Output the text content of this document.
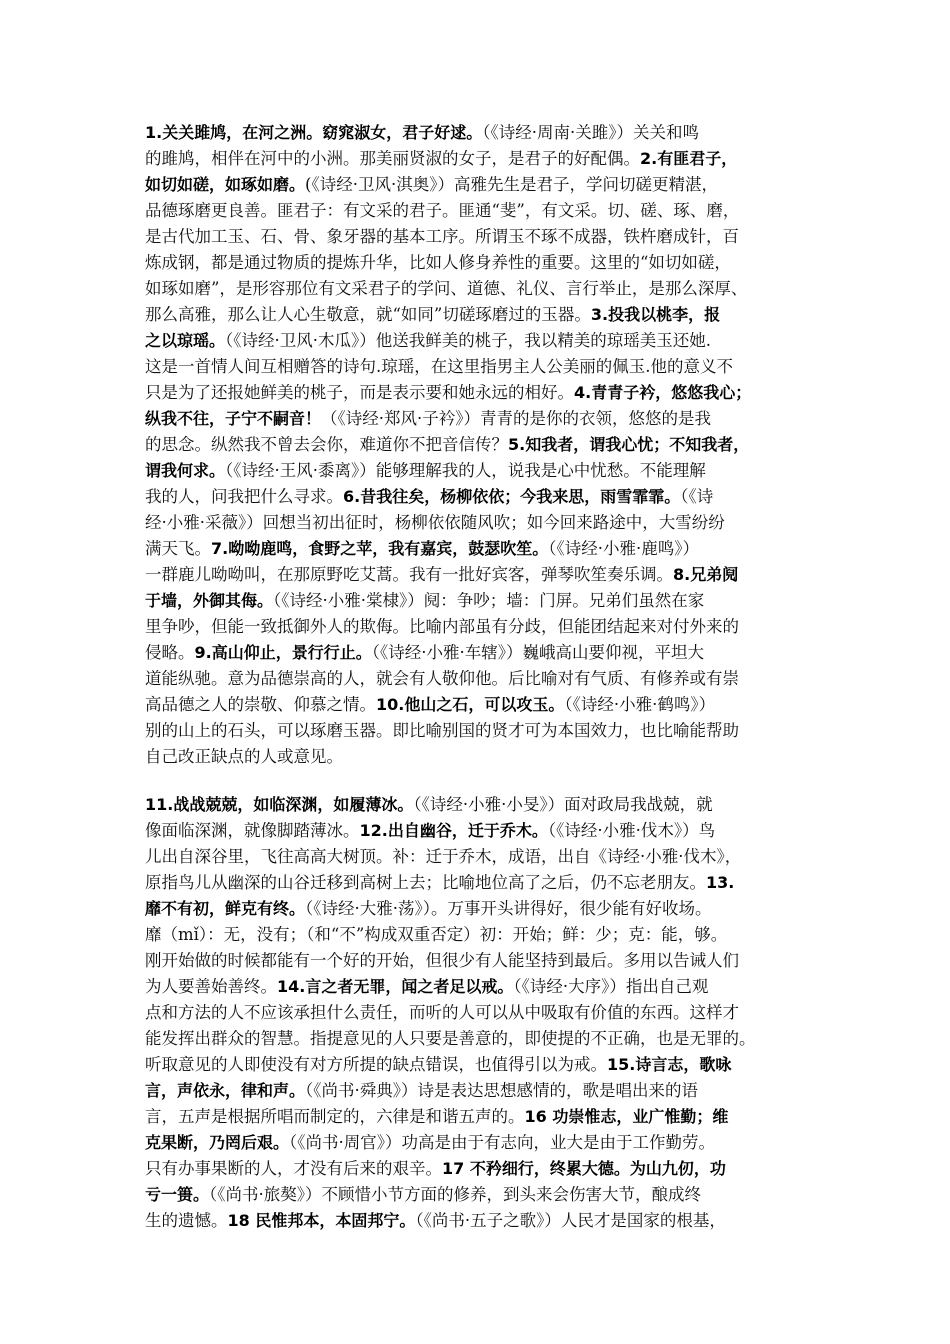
1.关关雎鸠，在河之洲。窈窕淑女，君子好逑。（《诗经·周南·关雎》）关关和鸣
的雎鸠，相伴在河中的小洲。那美丽贤淑的女子，是君子的好配偶。2.有匪君子，
如切如磋，如琢如磨。(《诗经·卫风·淇奥》）高雅先生是君子，学问切磋更精湛，
品德琢磨更良善。匪君子：有文采的君子。匪通“斐”，有文采。切、磋、琢、磨，
是古代加工玉、石、骨、象牙器的基本工序。所谓玉不琢不成器，铁杵磨成针，百
炼成钢，都是通过物质的提炼升华，比如人修身养性的重要。这里的“如切如磋，
如琢如磨”，是形容那位有文采君子的学问、道德、礼仪、言行举止，是那么深厚、
那么高雅，那么让人心生敬意，就“如同”切磋琢磨过的玉器。3.投我以桃李，报
之以琼瑶。（《诗经·卫风·木瓜》）他送我鲜美的桃子，我以精美的琼瑶美玉还她.
这是一首情人间互相赠答的诗句.琼瑶，在这里指男主人公美丽的佩玉.他的意义不
只是为了还报她鲜美的桃子，而是表示要和她永远的相好。4.青青子衿，悠悠我心；
纵我不往，子宁不嗣音！（《诗经·郑风·子衿》）青青的是你的衣领，悠悠的是我
的思念。纵然我不曾去会你，难道你不把音信传？5.知我者，谓我心忧；不知我者，
谓我何求。（《诗经·王风·黍离》）能够理解我的人，说我是心中忧愁。不能理解
我的人，问我把什么寻求。6.昔我往矣，杨柳依依；今我来思，雨雪霏霏。（《诗
经·小雅·采薇》）回想当初出征时，杨柳依依随风吹；如今回来路途中，大雪纷纷
满天飞。7.呦呦鹿鸣，食野之苹，我有嘉宾，鼓瑟吹笙。（《诗经·小雅·鹿鸣》）
一群鹿儿呦呦叫，在那原野吃艾蒿。我有一批好宾客，弹琴吹笙奏乐调。8.兄弟阋
于墙，外御其侮。（《诗经·小雅·棠棣》）阋：争吵；墙：门屏。兄弟们虽然在家
里争吵，但能一致抵御外人的欺侮。比喻内部虽有分歧，但能团结起来对付外来的
侵略。9.高山仰止，景行行止。（《诗经·小雅·车辖》）巍峨高山要仰视，平坦大
道能纵驰。意为品德崇高的人，就会有人敬仰他。后比喻对有气质、有修养或有崇
高品德之人的崇敬、仰慕之情。10.他山之石，可以攻玉。（《诗经·小雅·鹤鸣》）
别的山上的石头，可以琢磨玉器。即比喻别国的贤才可为本国效力，也比喻能帮助
自己改正缺点的人或意见。
11.战战兢兢，如临深渊，如履薄冰。（《诗经·小雅·小旻》）面对政局我战兢，就
像面临深渊，就像脚踏薄冰。12.出自幽谷，迁于乔木。（《诗经·小雅·伐木》）鸟
儿出自深谷里，飞往高高大树顶。补：迁于乔木，成语，出自《诗经·小雅·伐木》，
原指鸟儿从幽深的山谷迁移到高树上去；比喻地位高了之后，仍不忘老朋友。13.
靡不有初，鲜克有终。（《诗经·大雅·荡》）。万事开头讲得好，很少能有好收场。
靡（mǐ）：无，没有；（和“不”构成双重否定）初：开始；鲜：少；克：能，够。
刚开始做的时候都能有一个好的开始，但很少有人能坚持到最后。多用以告诫人们
为人要善始善终。14.言之者无罪，闻之者足以戒。（《诗经·大序》）指出自己观
点和方法的人不应该承担什么责任，而听的人可以从中吸取有价值的东西。这样才
能发挥出群众的智慧。指提意见的人只要是善意的，即使提的不正确，也是无罪的。
听取意见的人即使没有对方所提的缺点错误，也值得引以为戒。15.诗言志，歌咏
言，声依永，律和声。（《尚书·舜典》）诗是表达思想感情的，歌是唱出来的语
言，五声是根据所唱而制定的，六律是和谐五声的。16 功崇惟志，业广惟勤；维
克果断，乃罔后艰。（《尚书·周官》）功高是由于有志向，业大是由于工作勤劳。
只有办事果断的人，才没有后来的艰辛。17 不矜细行，终累大德。为山九仞，功
亏一篑。（《尚书·旅獒》）不顾惜小节方面的修养，到头来会伤害大节，酿成终
生的遗憾。18 民惟邦本，本固邦宁。（《尚书·五子之歌》）人民才是国家的根基，
